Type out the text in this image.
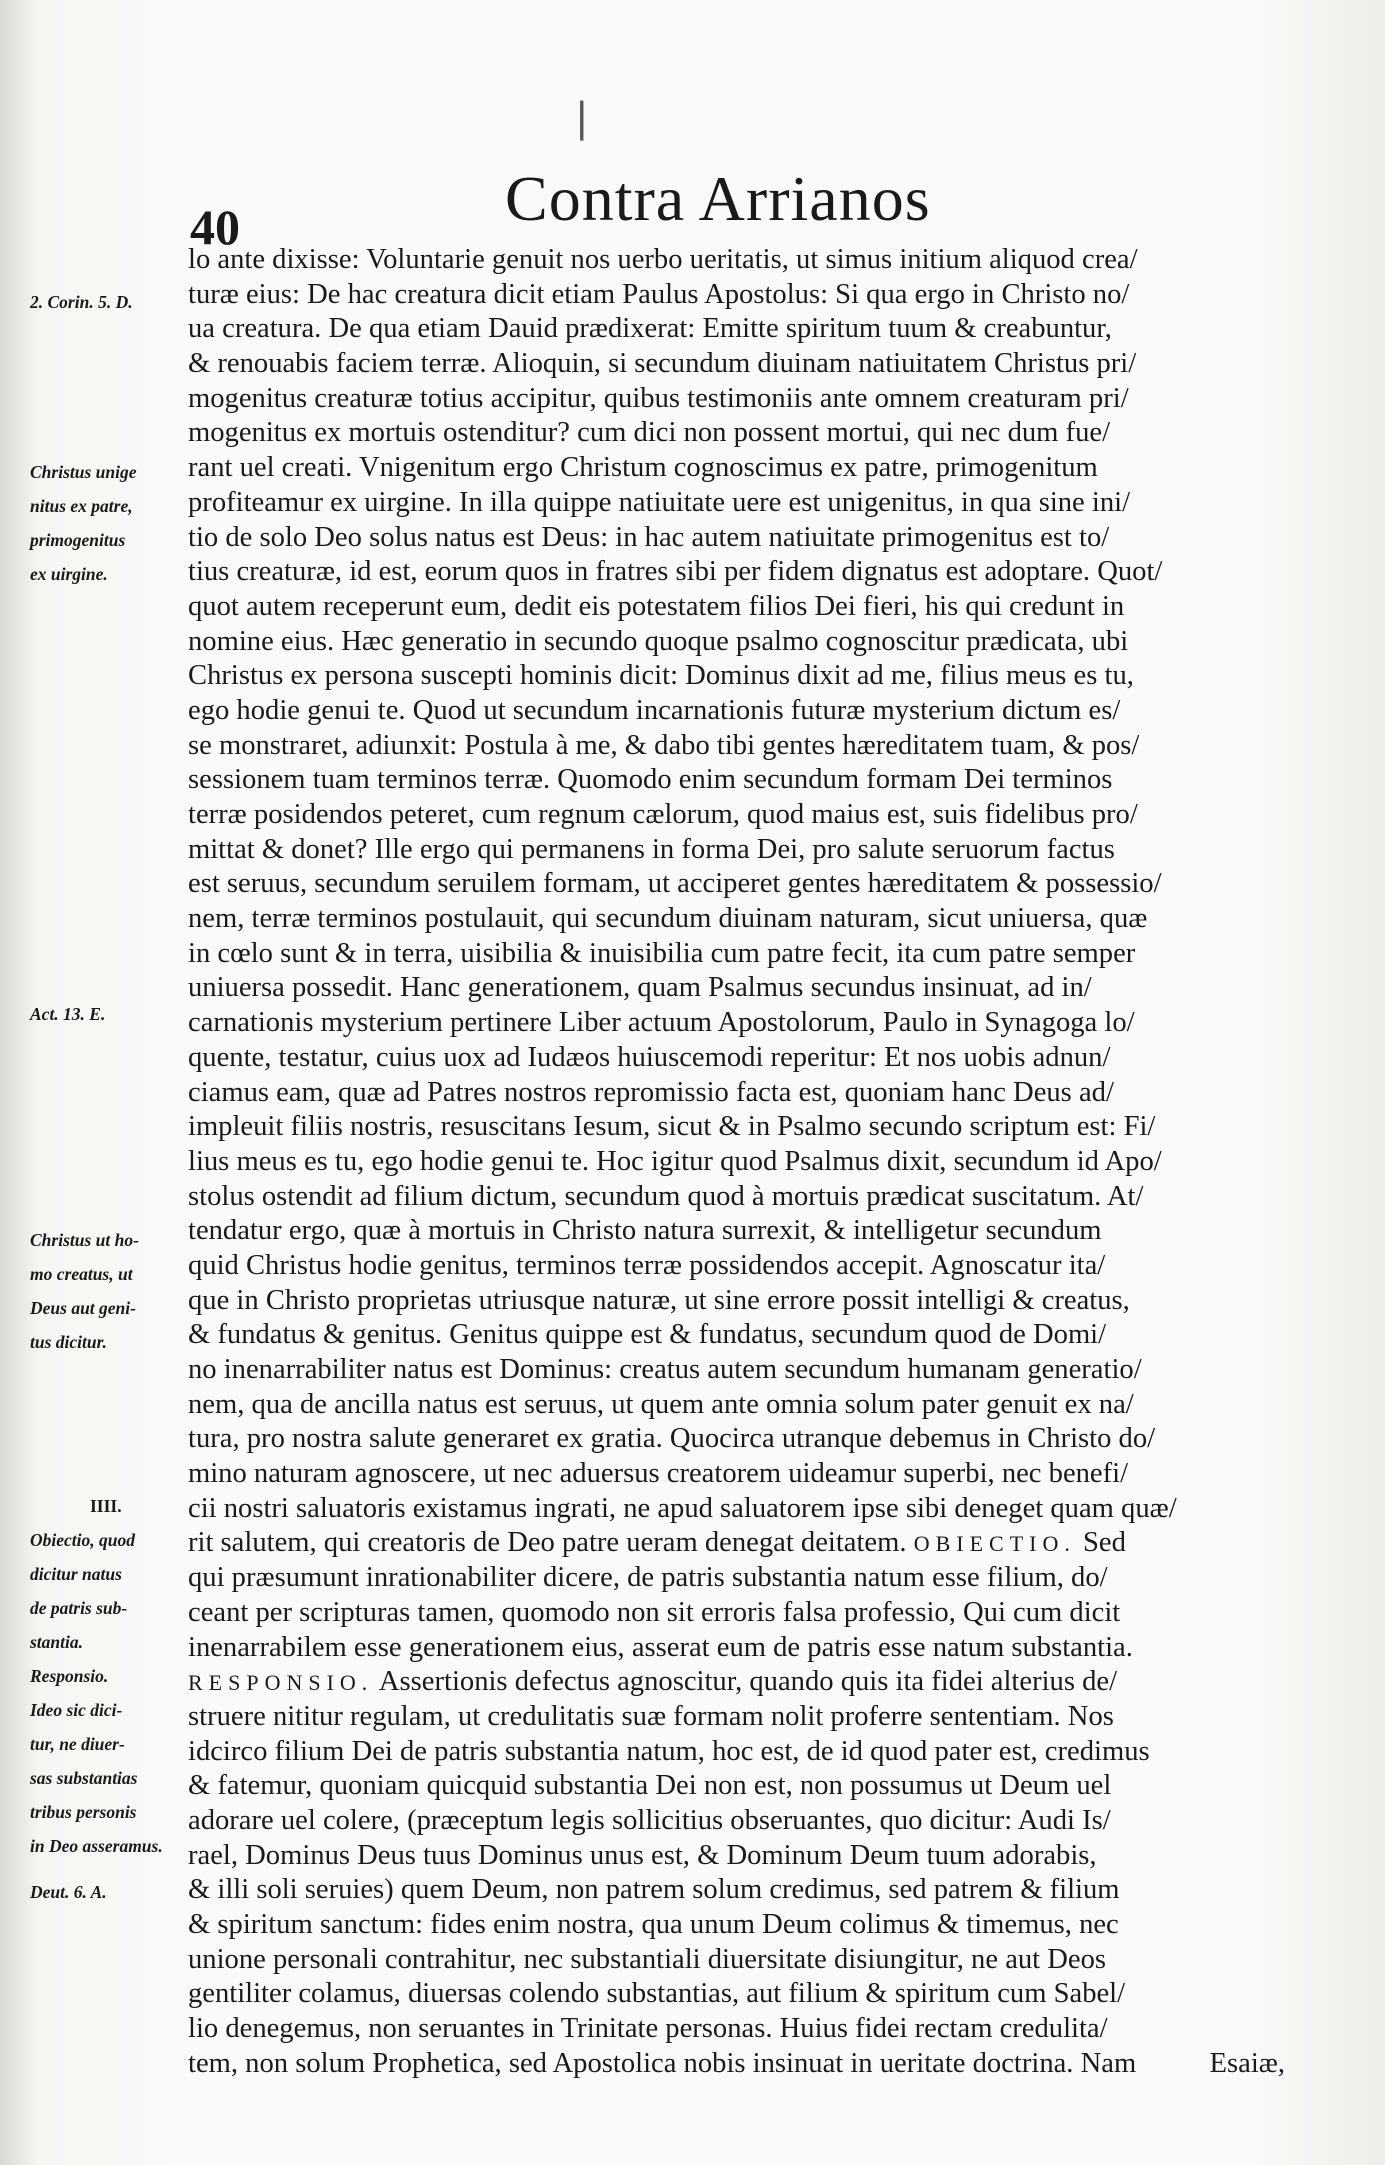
❘
40	Contra Arrianos
2. Corin. 5. D.
Christus unige
nitus ex patre,
primogenitus
ex uirgine.
Act. 13. E.
Christus ut ho-
mo creatus, ut
Deus aut geni-
tus dicitur.
IIII.
Obiectio, quod
dicitur natus
de patris sub-
stantia.
Responsio.
Ideo sic dici-
tur, ne diuer-
sas substantias
tribus personis
in Deo asseramus.
Deut. 6. A.
lo ante dixisse: Voluntarie genuit nos uerbo ueritatis, ut simus initium aliquod crea/
turæ eius: De hac creatura dicit etiam Paulus Apostolus: Si qua ergo in Christo no/
ua creatura. De qua etiam Dauid prædixerat: Emitte spiritum tuum & creabuntur,
& renouabis faciem terræ. Alioquin, si secundum diuinam natiuitatem Christus pri/
mogenitus creaturæ totius accipitur, quibus testimoniis ante omnem creaturam pri/
mogenitus ex mortuis ostenditur? cum dici non possent mortui, qui nec dum fue/
rant uel creati. Vnigenitum ergo Christum cognoscimus ex patre, primogenitum
profiteamur ex uirgine. In illa quippe natiuitate uere est unigenitus, in qua sine ini/
tio de solo Deo solus natus est Deus: in hac autem natiuitate primogenitus est to/
tius creaturæ, id est, eorum quos in fratres sibi per fidem dignatus est adoptare. Quot/
quot autem receperunt eum, dedit eis potestatem filios Dei fieri, his qui credunt in
nomine eius. Hæc generatio in secundo quoque psalmo cognoscitur prædicata, ubi
Christus ex persona suscepti hominis dicit: Dominus dixit ad me, filius meus es tu,
ego hodie genui te. Quod ut secundum incarnationis futuræ mysterium dictum es/
se monstraret, adiunxit: Postula à me, & dabo tibi gentes hæreditatem tuam, & pos/
sessionem tuam terminos terræ. Quomodo enim secundum formam Dei terminos
terræ posidendos peteret, cum regnum cælorum, quod maius est, suis fidelibus pro/
mittat & donet? Ille ergo qui permanens in forma Dei, pro salute seruorum factus
est seruus, secundum seruilem formam, ut acciperet gentes hæreditatem & possessio/
nem, terræ terminos postulauit, qui secundum diuinam naturam, sicut uniuersa, quæ
in cœlo sunt & in terra, uisibilia & inuisibilia cum patre fecit, ita cum patre semper
uniuersa possedit. Hanc generationem, quam Psalmus secundus insinuat, ad in/
carnationis mysterium pertinere Liber actuum Apostolorum, Paulo in Synagoga lo/
quente, testatur, cuius uox ad Iudæos huiuscemodi reperitur: Et nos uobis adnun/
ciamus eam, quæ ad Patres nostros repromissio facta est, quoniam hanc Deus ad/
impleuit filiis nostris, resuscitans Iesum, sicut & in Psalmo secundo scriptum est: Fi/
lius meus es tu, ego hodie genui te. Hoc igitur quod Psalmus dixit, secundum id Apo/
stolus ostendit ad filium dictum, secundum quod à mortuis prædicat suscitatum. At/
tendatur ergo, quæ à mortuis in Christo natura surrexit, & intelligetur secundum
quid Christus hodie genitus, terminos terræ possidendos accepit. Agnoscatur ita/
que in Christo proprietas utriusque naturæ, ut sine errore possit intelligi & creatus,
& fundatus & genitus. Genitus quippe est & fundatus, secundum quod de Domi/
no inenarrabiliter natus est Dominus: creatus autem secundum humanam generatio/
nem, qua de ancilla natus est seruus, ut quem ante omnia solum pater genuit ex na/
tura, pro nostra salute generaret ex gratia. Quocirca utranque debemus in Christo do/
mino naturam agnoscere, ut nec aduersus creatorem uideamur superbi, nec benefi/
cii nostri saluatoris existamus ingrati, ne apud saluatorem ipse sibi deneget quam quæ/
rit salutem, qui creatoris de Deo patre ueram denegat deitatem. OBIECTIO. Sed
qui præsumunt inrationabiliter dicere, de patris substantia natum esse filium, do/
ceant per scripturas tamen, quomodo non sit erroris falsa professio, Qui cum dicit
inenarrabilem esse generationem eius, asserat eum de patris esse natum substantia.
RESPONSIO. Assertionis defectus agnoscitur, quando quis ita fidei alterius de/
struere nititur regulam, ut credulitatis suæ formam nolit proferre sententiam. Nos
idcirco filium Dei de patris substantia natum, hoc est, de id quod pater est, credimus
& fatemur, quoniam quicquid substantia Dei non est, non possumus ut Deum uel
adorare uel colere, (præceptum legis sollicitius obseruantes, quo dicitur: Audi Is/
rael, Dominus Deus tuus Dominus unus est, & Dominum Deum tuum adorabis,
& illi soli seruies) quem Deum, non patrem solum credimus, sed patrem & filium
& spiritum sanctum: fides enim nostra, qua unum Deum colimus & timemus, nec
unione personali contrahitur, nec substantiali diuersitate disiungitur, ne aut Deos
gentiliter colamus, diuersas colendo substantias, aut filium & spiritum cum Sabel/
lio denegemus, non seruantes in Trinitate personas. Huius fidei rectam credulita/
tem, non solum Prophetica, sed Apostolica nobis insinuat in ueritate doctrina. Nam	Esaiæ,
